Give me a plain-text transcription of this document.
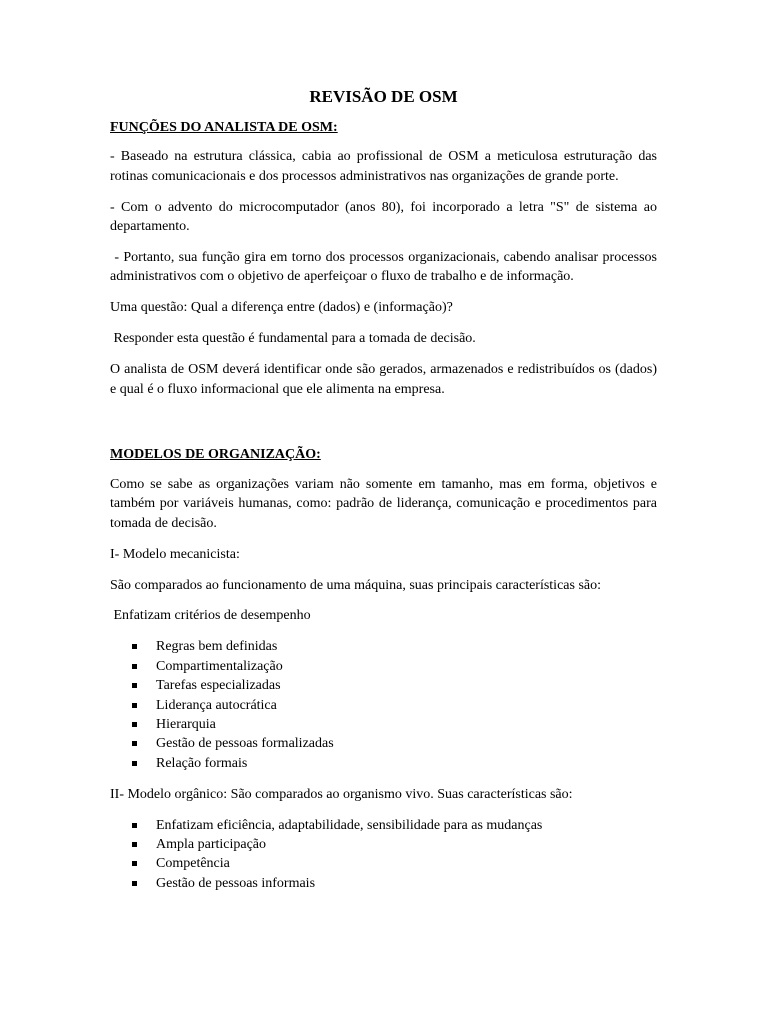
REVISÃO DE OSM
FUNÇÕES DO ANALISTA DE OSM:

- Baseado na estrutura clássica, cabia ao profissional de OSM a meticulosa estruturação das rotinas comunicacionais e dos processos administrativos nas organizações de grande porte.

- Com o advento do microcomputador (anos 80), foi incorporado a letra "S" de sistema ao departamento.

- Portanto, sua função gira em torno dos processos organizacionais, cabendo analisar processos administrativos com o objetivo de aperfeiçoar o fluxo de trabalho e de informação.

Uma questão: Qual a diferença entre (dados) e (informação)?

Responder esta questão é fundamental para a tomada de decisão.

O analista de OSM deverá identificar onde são gerados, armazenados e redistribuídos os (dados) e qual é o fluxo informacional que ele alimenta na empresa.

MODELOS DE ORGANIZAÇÃO:

Como se sabe as organizações variam não somente em tamanho, mas em forma, objetivos e também por variáveis humanas, como: padrão de liderança, comunicação e procedimentos para tomada de decisão.

I- Modelo mecanicista:

São comparados ao funcionamento de uma máquina, suas principais características são:

Enfatizam critérios de desempenho

Regras bem definidas
Compartimentalização
Tarefas especializadas
Liderança autocrática
Hierarquia
Gestão de pessoas formalizadas
Relação formais

II- Modelo orgânico: São comparados ao organismo vivo. Suas características são:

Enfatizam eficiência, adaptabilidade, sensibilidade para as mudanças
Ampla participação
Competência
Gestão de pessoas informais
